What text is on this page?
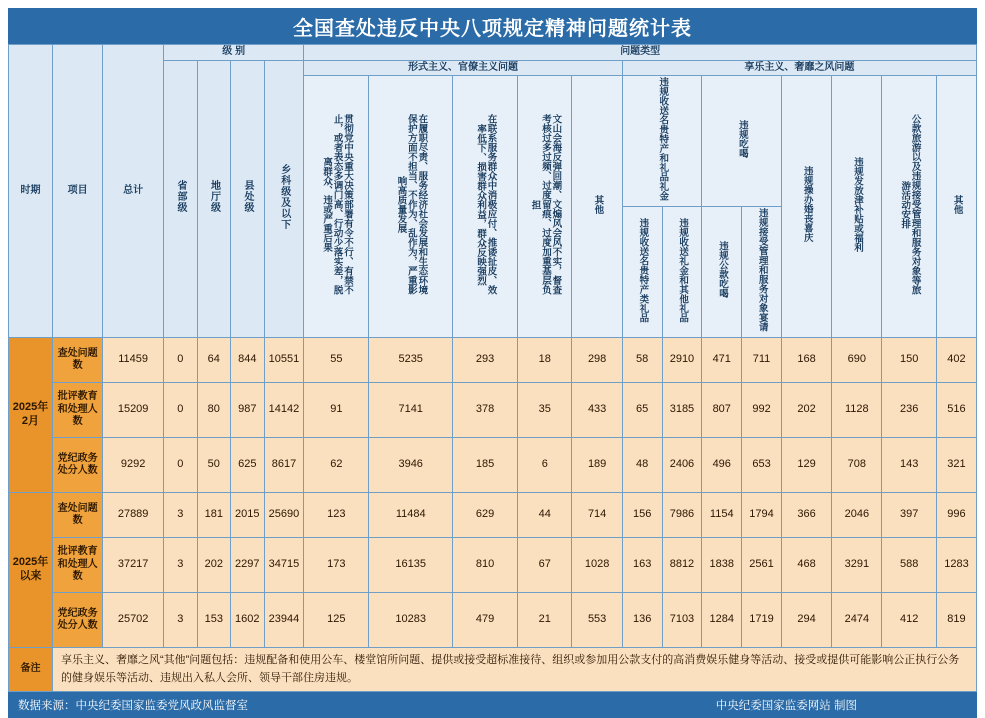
全国查处违反中央八项规定精神问题统计表
时期	项目	总计	级 别				问题类型												
			省部级	地厅级	县处级	乡科级及以下	形式主义、官僚主义问题					享乐主义、奢靡之风问题							
							贯彻党中央重大决策部署有令不行、有禁不止，或者表态多调门高、行动少落实差，脱离群众、违或严重后果	在履职尽责、服务经济社会发展和生态环境保护方面不担当、不作为、乱作为，严重影响高质量发展	在联系服务群众中消极应付、推诿扯皮、效率低下、损害群众利益，群众反映强烈	文山会海反弹回潮、文煽风会风不实，督查考核过多过频、过度留痕、过度加重基层负担	其他	违规收送名贵特产和礼品礼金		违规吃喝		违规操办婚丧喜庆	违规发放津补贴或福利	公款旅游以及违规接受管理和服务对象等旅游活动安排	其他
												违规收送名贵特产类礼品	违规收送礼金和其他礼品	违规公款吃喝	违规接受管理和服务对象宴请				
2025年2月	查处问题数	11459	0	64	844	10551	55	5235	293	18	298	58	2910	471	711	168	690	150	402
	批评教育和处理人数	15209	0	80	987	14142	91	7141	378	35	433	65	3185	807	992	202	1128	236	516
	党纪政务处分人数	9292	0	50	625	8617	62	3946	185	6	189	48	2406	496	653	129	708	143	321
2025年以来	查处问题数	27889	3	181	2015	25690	123	11484	629	44	714	156	7986	1154	1794	366	2046	397	996
	批评教育和处理人数	37217	3	202	2297	34715	173	16135	810	67	1028	163	8812	1838	2561	468	3291	588	1283
	党纪政务处分人数	25702	3	153	1602	23944	125	10283	479	21	553	136	7103	1284	1719	294	2474	412	819
备注	享乐主义、奢靡之风“其他”问题包括：违规配备和使用公车、楼堂馆所问题、提供或接受超标准接待、组织或参加用公款支付的高消费娱乐健身等活动、接受或提供可能影响公正执行公务的健身娱乐等活动、违规出入私人会所、领导干部住房违规。																		
数据来源：中央纪委国家监委党风政风监督室	中央纪委国家监委网站 制图
